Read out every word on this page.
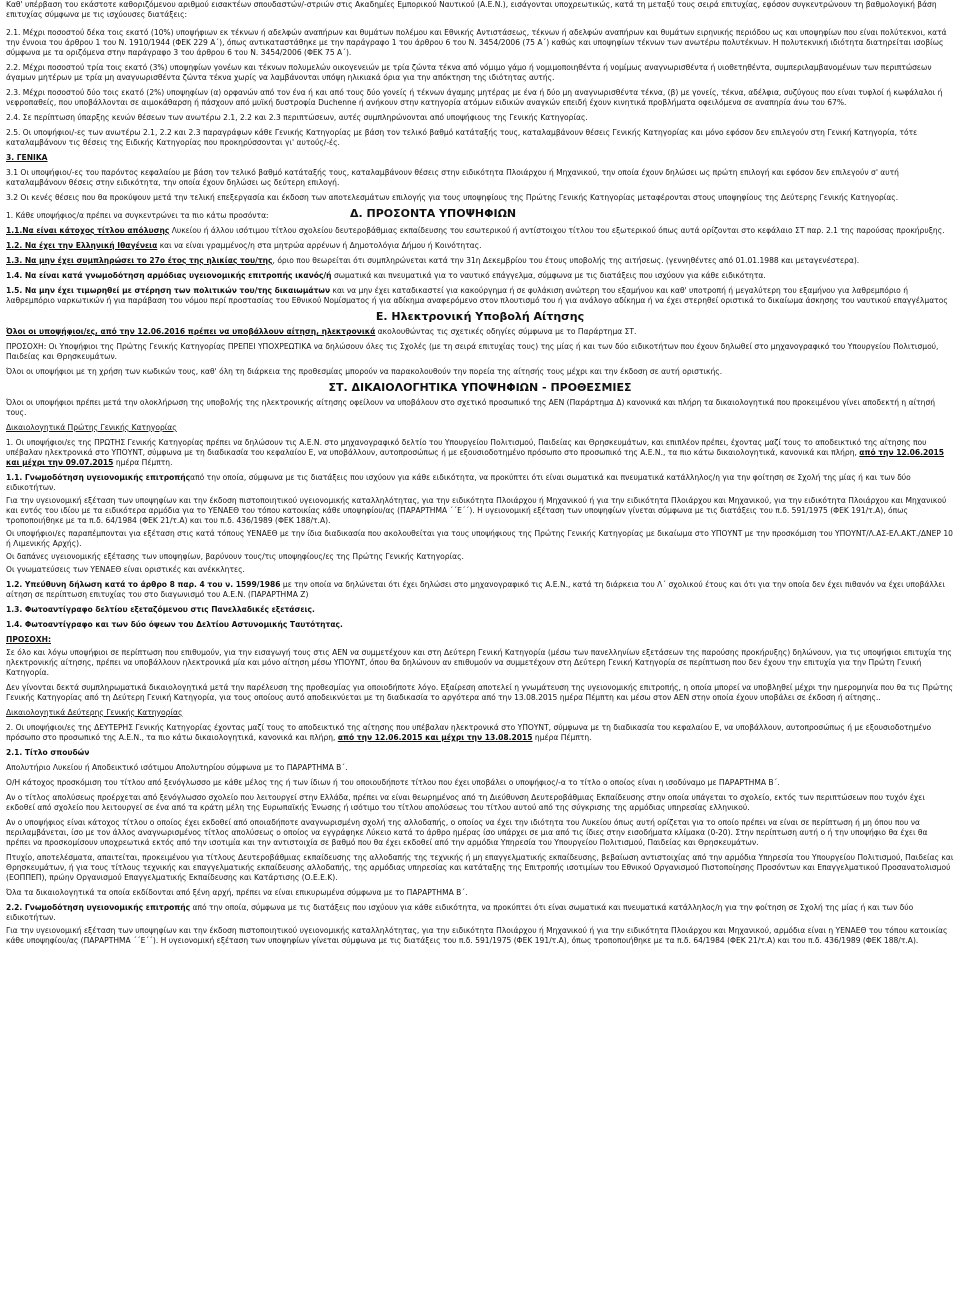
Καθ' υπέρβαση του εκάστοτε καθοριζόμενου αριθμού εισακτέων σπουδαστών/-στριών στις Ακαδημίες Εμπορικού Ναυτικού (Α.Ε.Ν.), εισάγονται υποχρεωτικώς, κατά τη μεταξύ τους σειρά επιτυχίας, εφόσον συγκεντρώνουν τη βαθμολογική βάση επιτυχίας σύμφωνα με τις ισχύουσες διατάξεις:

2.1. Μέχρι ποσοστού δέκα τοις εκατό (10%) υποψήφιων εκ τέκνων ή αδελφών αναπήρων και θυμάτων πολέμου και Εθνικής Αντιστάσεως, τέκνων ή αδελφών αναπήρων και θυμάτων ειρηνικής περιόδου ως και υποψηφίων που είναι πολύτεκνοι, κατά την έννοια του άρθρου 1 του Ν. 1910/1944 (ΦΕΚ 229 Α΄), όπως αντικαταστάθηκε με την παράγραφο 1 του άρθρου 6 του Ν. 3454/2006 (75 Α΄) καθώς και υποψηφίων τέκνων των ανωτέρω πολυτέκνων. Η πολυτεκνική ιδιότητα διατηρείται ισοβίως σύμφωνα με τα οριζόμενα στην παράγραφο 3 του άρθρου 6 του Ν. 3454/2006 (ΦΕΚ 75 Α΄).

2.2. Μέχρι ποσοστού τρία τοις εκατό (3%) υποψηφίων γονέων και τέκνων πολυμελών οικογενειών με τρία ζώντα τέκνα από νόμιμο γάμο ή νομιμοποιηθέντα ή νομίμως αναγνωρισθέντα ή υιοθετηθέντα, συμπεριλαμβανομένων των περιπτώσεων άγαμων μητέρων με τρία μη αναγνωρισθέντα ζώντα τέκνα χωρίς να λαμβάνονται υπόψη ηλικιακά όρια για την απόκτηση της ιδιότητας αυτής.

2.3. Μέχρι ποσοστού δύο τοις εκατό (2%) υποψηφίων (α) ορφανών από τον ένα ή και από τους δύο γονείς ή τέκνων άγαμης μητέρας με ένα ή δύο μη αναγνωρισθέντα τέκνα, (β) με γονείς, τέκνα, αδέλφια, συζύγους που είναι τυφλοί ή κωφάλαλοι ή νεφροπαθείς, που υποβάλλονται σε αιμοκάθαρση ή πάσχουν από μυϊκή δυστροφία Duchenne ή ανήκουν στην κατηγορία ατόμων ειδικών αναγκών επειδή έχουν κινητικά προβλήματα οφειλόμενα σε αναπηρία άνω του 67%.

2.4. Σε περίπτωση ύπαρξης κενών θέσεων των ανωτέρω 2.1, 2.2 και 2.3 περιπτώσεων, αυτές συμπληρώνονται από υποψήφιους της Γενικής Κατηγορίας.

2.5. Οι υποψήφιοι/-ες των ανωτέρω 2.1, 2.2 και 2.3 παραγράφων κάθε Γενικής Κατηγορίας με βάση τον τελικό βαθμό κατάταξής τους, καταλαμβάνουν θέσεις Γενικής Κατηγορίας και μόνο εφόσον δεν επιλεγούν στη Γενική Κατηγορία, τότε καταλαμβάνουν τις θέσεις της Ειδικής Κατηγορίας που προκηρύσσονται γι' αυτούς/-ές.

3. ΓΕΝΙΚΑ

3.1 Οι υποψήφιοι/-ες του παρόντος κεφαλαίου με βάση τον τελικό βαθμό κατάταξής τους, καταλαμβάνουν θέσεις στην ειδικότητα Πλοιάρχου ή Μηχανικού, την οποία έχουν δηλώσει ως πρώτη επιλογή και εφόσον δεν επιλεγούν σ' αυτή καταλαμβάνουν θέσεις στην ειδικότητα, την οποία έχουν δηλώσει ως δεύτερη επιλογή.

3.2 Οι κενές θέσεις που θα προκύψουν μετά την τελική επεξεργασία και έκδοση των αποτελεσμάτων επιλογής για τους υποψηφίους της Πρώτης Γενικής Κατηγορίας μεταφέρονται στους υποψηφίους της Δεύτερης Γενικής Κατηγορίας.

1. Κάθε υποψήφιος/α πρέπει να συγκεντρώνει τα πιο κάτω προσόντα:	Δ. ΠΡΟΣΟΝΤΑ ΥΠΟΨΗΦΙΩΝ

1.1.Να είναι κάτοχος τίτλου απόλυσης Λυκείου ή άλλου ισότιμου τίτλου σχολείου δευτεροβάθμιας εκπαίδευσης του εσωτερικού ή αντίστοιχου τίτλου του εξωτερικού όπως αυτά ορίζονται στο κεφάλαιο ΣΤ παρ. 2.1 της παρούσας προκήρυξης.

1.2. Να έχει την Ελληνική Ιθαγένεια και να είναι γραμμένος/η στα μητρώα αρρένων ή Δημοτολόγια Δήμου ή Κοινότητας.

1.3. Να μην έχει συμπληρώσει το 27ο έτος της ηλικίας του/της, όριο που θεωρείται ότι συμπληρώνεται κατά την 31η Δεκεμβρίου του έτους υποβολής της αιτήσεως. (γεννηθέντες από 01.01.1988 και μεταγενέστερα).

1.4. Να είναι κατά γνωμοδότηση αρμόδιας υγειονομικής επιτροπής ικανός/ή σωματικά και πνευματικά για το ναυτικό επάγγελμα, σύμφωνα με τις διατάξεις που ισχύουν για κάθε ειδικότητα.

1.5. Να μην έχει τιμωρηθεί με στέρηση των πολιτικών του/της δικαιωμάτων και να μην έχει καταδικαστεί για κακούργημα ή σε φυλάκιση ανώτερη του εξαμήνου και καθ' υποτροπή ή μεγαλύτερη του εξαμήνου για λαθρεμπόριο ή λαθρεμπόριο ναρκωτικών ή για παράβαση του νόμου περί προστασίας του Εθνικού Νομίσματος ή για αδίκημα αναφερόμενο στον πλουτισμό του ή για ανάλογο αδίκημα ή να έχει στερηθεί οριστικά το δικαίωμα άσκησης του ναυτικού επαγγέλματος

Ε. Ηλεκτρονική Υποβολή Αίτησης

Όλοι οι υποψήφιοι/ες, από την 12.06.2016 πρέπει να υποβάλλουν αίτηση, ηλεκτρονικά ακολουθώντας τις σχετικές οδηγίες σύμφωνα με το Παράρτημα ΣΤ.

ΠΡΟΣΟΧΗ: Οι Υποψήφιοι της Πρώτης Γενικής Κατηγορίας ΠΡΕΠΕΙ ΥΠΟΧΡΕΩΤΙΚΑ να δηλώσουν όλες τις Σχολές (με τη σειρά επιτυχίας τους) της μίας ή και των δύο ειδικοτήτων που έχουν δηλωθεί στο μηχανογραφικό του Υπουργείου Πολιτισμού, Παιδείας και Θρησκευμάτων.

Όλοι οι υποψήφιοι με τη χρήση των κωδικών τους, καθ' όλη τη διάρκεια της προθεσμίας μπορούν να παρακολουθούν την πορεία της αίτησής τους μέχρι και την έκδοση σε αυτή οριστικής.

ΣΤ. ΔΙΚΑΙΟΛΟΓΗΤΙΚΑ ΥΠΟΨΗΦΙΩΝ - ΠΡΟΘΕΣΜΙΕΣ

Όλοι οι υποψήφιοι πρέπει μετά την ολοκλήρωση της υποβολής της ηλεκτρονικής αίτησης οφείλουν να υποβάλουν στο σχετικό προσωπικό της ΑΕΝ (Παράρτημα Δ) κανονικά και πλήρη τα δικαιολογητικά που προκειμένου γίνει αποδεκτή η αίτησή τους.

Δικαιολογητικά Πρώτης Γενικής Κατηγορίας

1. Οι υποψήφιοι/ες της ΠΡΩΤΗΣ Γενικής Κατηγορίας πρέπει να δηλώσουν τις Α.Ε.Ν. στο μηχανογραφικό δελτίο του Υπουργείου Πολιτισμού, Παιδείας και Θρησκευμάτων, και επιπλέον πρέπει, έχοντας μαζί τους το αποδεικτικό της αίτησης που υπέβαλαν ηλεκτρονικά στο ΥΠΟΥΝΤ, σύμφωνα με τη διαδικασία του κεφαλαίου Ε, να υποβάλλουν, αυτοπροσώπως ή με εξουσιοδοτημένο πρόσωπο στο προσωπικό της Α.Ε.Ν., τα πιο κάτω δικαιολογητικά, κανονικά και πλήρη, από την 12.06.2015 και μέχρι την 09.07.2015 ημέρα Πέμπτη.

1.1. Γνωμοδότηση υγειονομικής επιτροπήςαπό την οποία, σύμφωνα με τις διατάξεις που ισχύουν για κάθε ειδικότητα, να προκύπτει ότι είναι σωματικά και πνευματικά κατάλληλος/η για την φοίτηση σε Σχολή της μίας ή και των δύο ειδικοτήτων.

Για την υγειονομική εξέταση των υποψηφίων και την έκδοση πιστοποιητικού υγειονομικής καταλληλότητας, για την ειδικότητα Πλοιάρχου ή Μηχανικού ή για την ειδικότητα Πλοιάρχου και Μηχανικού, για την ειδικότητα Πλοιάρχου και Μηχανικού και εντός του ιδίου με τα ειδικότερα αρμόδια για το ΥΕΝΑΕΘ του τόπου κατοικίας κάθε υποψηφίου/ας (ΠΑΡΑΡΤΗΜΑ ΄΄Ε΄΄). Η υγειονομική εξέταση των υποψηφίων γίνεται σύμφωνα με τις διατάξεις του π.δ. 591/1975 (ΦΕΚ 191/τ.Α), όπως τροποποιήθηκε με τα π.δ. 64/1984 (ΦΕΚ 21/τ.Α) και του π.δ. 436/1989 (ΦΕΚ 188/τ.Α).

Οι υποψήφιοι/ες παραπέμπονται για εξέταση στις κατά τόπους ΥΕΝΑΕΘ με την ίδια διαδικασία που ακολουθείται για τους υποψήφιους της Πρώτης Γενικής Κατηγορίας με δικαίωμα στο ΥΠΟΥΝΤ με την προσκόμιση του ΥΠΟΥΝΤ/Λ.ΑΣ-ΕΛ.ΑΚΤ./ΔΝΕΡ 10 ή Λιμενικής Αρχής).

Οι δαπάνες υγειονομικής εξέτασης των υποψηφίων, βαρύνουν τους/τις υποψηφίους/ες της Πρώτης Γενικής Κατηγορίας.

Οι γνωματεύσεις των ΥΕΝΑΕΘ είναι οριστικές και ανέκκλητες.

1.2. Υπεύθυνη δήλωση κατά το άρθρο 8 παρ. 4 του ν. 1599/1986 με την οποία να δηλώνεται ότι έχει δηλώσει στο μηχανογραφικό τις Α.Ε.Ν., κατά τη διάρκεια του Λ΄ σχολικού έτους και ότι για την οποία δεν έχει πιθανόν να έχει υποβάλλει αίτηση σε περίπτωση επιτυχίας του στο διαγωνισμό του Α.Ε.Ν. (ΠΑΡΑΡΤΗΜΑ Ζ)

1.3. Φωτοαντίγραφο δελτίου εξεταζόμενου στις Πανελλαδικές εξετάσεις.

1.4. Φωτοαντίγραφο και των δύο όψεων του Δελτίου Αστυνομικής Ταυτότητας.

ΠΡΟΣΟΧΗ:

Σε όλο και λόγω υποψήφιοι σε περίπτωση που επιθυμούν, για την εισαγωγή τους στις ΑΕΝ να συμμετέχουν και στη Δεύτερη Γενική Κατηγορία (μέσω των πανελληνίων εξετάσεων της παρούσης προκήρυξης) δηλώνουν, για τις υποψήφιοι επιτυχία της ηλεκτρονικής αίτησης, πρέπει να υποβάλλουν ηλεκτρονικά μία και μόνο αίτηση μέσω ΥΠΟΥΝΤ, όπου θα δηλώνουν αν επιθυμούν να συμμετέχουν στη Δεύτερη Γενική Κατηγορία σε περίπτωση που δεν έχουν την επιτυχία για την Πρώτη Γενική Κατηγορία.

Δεν γίνονται δεκτά συμπληρωματικά δικαιολογητικά μετά την παρέλευση της προθεσμίας για οποιοδήποτε λόγο. Εξαίρεση αποτελεί η γνωμάτευση της υγειονομικής επιτροπής, η οποία μπορεί να υποβληθεί μέχρι την ημερομηνία που θα τις Πρώτης Γενικής Κατηγορίας από τη Δεύτερη Γενική Κατηγορία, για τους οποίους αυτό αποδεικνύεται με τη διαδικασία το αργότερα από την 13.08.2015 ημέρα Πέμπτη και μέσω στον ΑΕΝ στην οποία έχουν υποβάλει σε έκδοση ή αίτησης..

Δικαιολογητικά Δεύτερης Γενικής Κατηγορίας

2. Οι υποψήφιοι/ες της ΔΕΥΤΕΡΗΣ Γενικής Κατηγορίας έχοντας μαζί τους το αποδεικτικό της αίτησης που υπέβαλαν ηλεκτρονικά στο ΥΠΟΥΝΤ, σύμφωνα με τη διαδικασία του κεφαλαίου Ε, να υποβάλλουν, αυτοπροσώπως ή με εξουσιοδοτημένο πρόσωπο στο προσωπικό της Α.Ε.Ν., τα πιο κάτω δικαιολογητικά, κανονικά και πλήρη, από την 12.06.2015 και μέχρι την 13.08.2015 ημέρα Πέμπτη.

2.1. Τίτλο σπουδών

Απολυτήριο Λυκείου ή Αποδεικτικό ισότιμου Απολυτηρίου σύμφωνα με το ΠΑΡΑΡΤΗΜΑ Β΄.

Ο/Η κάτοχος προσκόμιση του τίτλου από ξενόγλωσσο με κάθε μέλος της ή των ίδιων ή του οποιουδήποτε τίτλου που έχει υποβάλει ο υποψήφιος/-α το τίτλο ο οποίος είναι η ισοδύναμο με ΠΑΡΑΡΤΗΜΑ Β΄.

Αν ο τίτλος απολύσεως προέρχεται από ξενόγλωσσο σχολείο που λειτουργεί στην Ελλάδα, πρέπει να είναι θεωρημένος από τη Διεύθυνση Δευτεροβάθμιας Εκπαίδευσης στην οποία υπάγεται το σχολείο, εκτός των περιπτώσεων που τυχόν έχει εκδοθεί από σχολείο που λειτουργεί σε ένα από τα κράτη μέλη της Ευρωπαϊκής Ένωσης ή ισότιμο του τίτλου απολύσεως του τίτλου αυτού από της σύγκρισης της αρμόδιας υπηρεσίας ελληνικού.

Αν ο υποψήφιος είναι κάτοχος τίτλου ο οποίος έχει εκδοθεί από οποιαδήποτε αναγνωρισμένη σχολή της αλλοδαπής, ο οποίος να έχει την ιδιότητα του Λυκείου όπως αυτή ορίζεται για το οποίο πρέπει να είναι σε περίπτωση ή μη όπου που να περιλαμβάνεται, ίσο με τον άλλος αναγνωρισμένος τίτλος απολύσεως ο οποίος να εγγράφηκε Λύκειο κατά το άρθρο ημέρας ίσο υπάρχει σε μια από τις ίδιες στην εισοδήματα κλίμακα (0-20). Στην περίπτωση αυτή ο ή την υποψήφιο θα έχει θα πρέπει να προσκομίσουν υποχρεωτικά εκτός από την ισοτιμία και την αντιστοιχία σε βαθμό που θα έχει εκδοθεί από την αρμόδια Υπηρεσία του Υπουργείου Πολιτισμού, Παιδείας και Θρησκευμάτων.

Πτυχίο, αποτελέσματα, απαιτείται, προκειμένου για τίτλους Δευτεροβάθμιας εκπαίδευσης της αλλοδαπής της τεχνικής ή μη επαγγελματικής εκπαίδευσης, βεβαίωση αντιστοιχίας από την αρμόδια Υπηρεσία του Υπουργείου Πολιτισμού, Παιδείας και Θρησκευμάτων, ή για τους τίτλους τεχνικής και επαγγελματικής εκπαίδευσης αλλοδαπής, της αρμόδιας υπηρεσίας και κατάταξης της Επιτροπής ισοτιμίων του Εθνικού Οργανισμού Πιστοποίησης Προσόντων και Επαγγελματικού Προσανατολισμού (ΕΟΠΠΕΠ), πρώην Οργανισμού Επαγγελματικής Εκπαίδευσης και Κατάρτισης (Ο.Ε.Ε.Κ).

Όλα τα δικαιολογητικά τα οποία εκδίδονται από ξένη αρχή, πρέπει να είναι επικυρωμένα σύμφωνα με το ΠΑΡΑΡΤΗΜΑ Β΄.

2.2. Γνωμοδότηση υγειονομικής επιτροπής από την οποία, σύμφωνα με τις διατάξεις που ισχύουν για κάθε ειδικότητα, να προκύπτει ότι είναι σωματικά και πνευματικά κατάλληλος/η για την φοίτηση σε Σχολή της μίας ή και των δύο ειδικοτήτων.

Για την υγειονομική εξέταση των υποψηφίων και την έκδοση πιστοποιητικού υγειονομικής καταλληλότητας, για την ειδικότητα Πλοιάρχου ή Μηχανικού ή για την ειδικότητα Πλοιάρχου και Μηχανικού, αρμόδια είναι η ΥΕΝΑΕΘ του τόπου κατοικίας κάθε υποψηφίου/ας (ΠΑΡΑΡΤΗΜΑ ΄΄Ε΄΄). Η υγειονομική εξέταση των υποψηφίων γίνεται σύμφωνα με τις διατάξεις του π.δ. 591/1975 (ΦΕΚ 191/τ.Α), όπως τροποποιήθηκε με τα π.δ. 64/1984 (ΦΕΚ 21/τ.Α) και του π.δ. 436/1989 (ΦΕΚ 188/τ.Α).
